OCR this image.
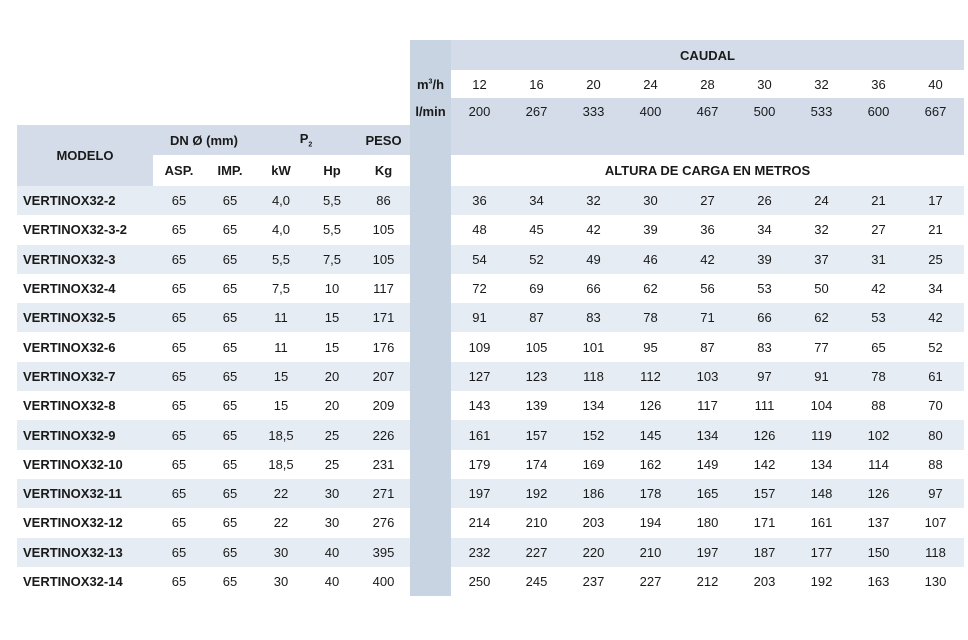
							CAUDAL								
						$m^3/h$	12	16	20	24	28	30	32	36	40
						l/min	200	267	333	400	467	500	533	600	667
MODELO	DN Ø (mm)		$P_2$		PESO										
	ASP.	IMP.	kW	Hp	Kg		ALTURA DE CARGA EN METROS								
VERTINOX32-2	65	65	4,0	5,5	86		36	34	32	30	27	26	24	21	17
VERTINOX32-3-2	65	65	4,0	5,5	105		48	45	42	39	36	34	32	27	21
VERTINOX32-3	65	65	5,5	7,5	105		54	52	49	46	42	39	37	31	25
VERTINOX32-4	65	65	7,5	10	117		72	69	66	62	56	53	50	42	34
VERTINOX32-5	65	65	11	15	171		91	87	83	78	71	66	62	53	42
VERTINOX32-6	65	65	11	15	176		109	105	101	95	87	83	77	65	52
VERTINOX32-7	65	65	15	20	207		127	123	118	112	103	97	91	78	61
VERTINOX32-8	65	65	15	20	209		143	139	134	126	117	111	104	88	70
VERTINOX32-9	65	65	18,5	25	226		161	157	152	145	134	126	119	102	80
VERTINOX32-10	65	65	18,5	25	231		179	174	169	162	149	142	134	114	88
VERTINOX32-11	65	65	22	30	271		197	192	186	178	165	157	148	126	97
VERTINOX32-12	65	65	22	30	276		214	210	203	194	180	171	161	137	107
VERTINOX32-13	65	65	30	40	395		232	227	220	210	197	187	177	150	118
VERTINOX32-14	65	65	30	40	400		250	245	237	227	212	203	192	163	130
